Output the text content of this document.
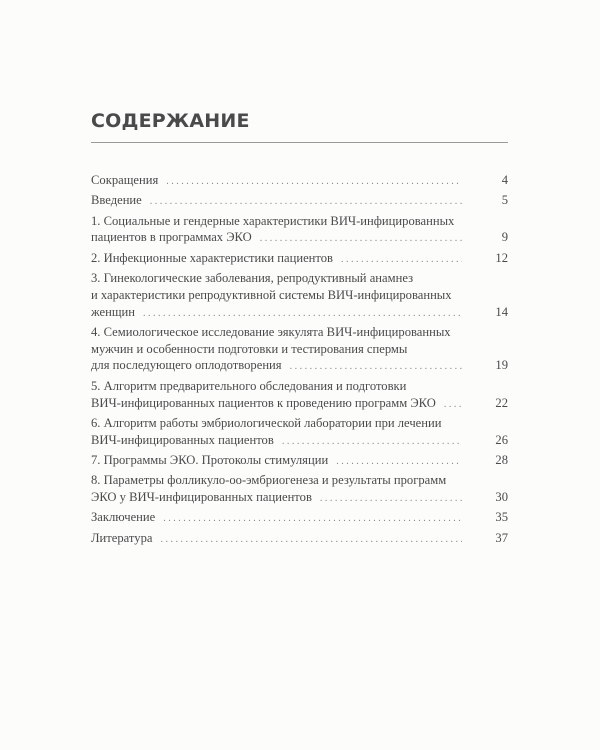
СОДЕРЖАНИЕ
Сокращения . . .	4
Введение . . .	5
1. Социальные и гендерные характеристики ВИЧ-инфицированных
пациентов в программах ЭКО . . .	9
2. Инфекционные характеристики пациентов . . .	12
3. Гинекологические заболевания, репродуктивный анамнез
и характеристики репродуктивной системы ВИЧ-инфицированных
женщин . . .	14
4. Семиологическое исследование эякулята ВИЧ-инфицированных
мужчин и особенности подготовки и тестирования спермы
для последующего оплодотворения . . .	19
5. Алгоритм предварительного обследования и подготовки
ВИЧ-инфицированных пациентов к проведению программ ЭКО . . .	22
6. Алгоритм работы эмбриологической лаборатории при лечении
ВИЧ-инфицированных пациентов . . .	26
7. Программы ЭКО. Протоколы стимуляции . . .	28
8. Параметры фолликуло-оо-эмбриогенеза и результаты программ
ЭКО у ВИЧ-инфицированных пациентов . . .	30
Заключение . . .	35
Литература . . .	37
